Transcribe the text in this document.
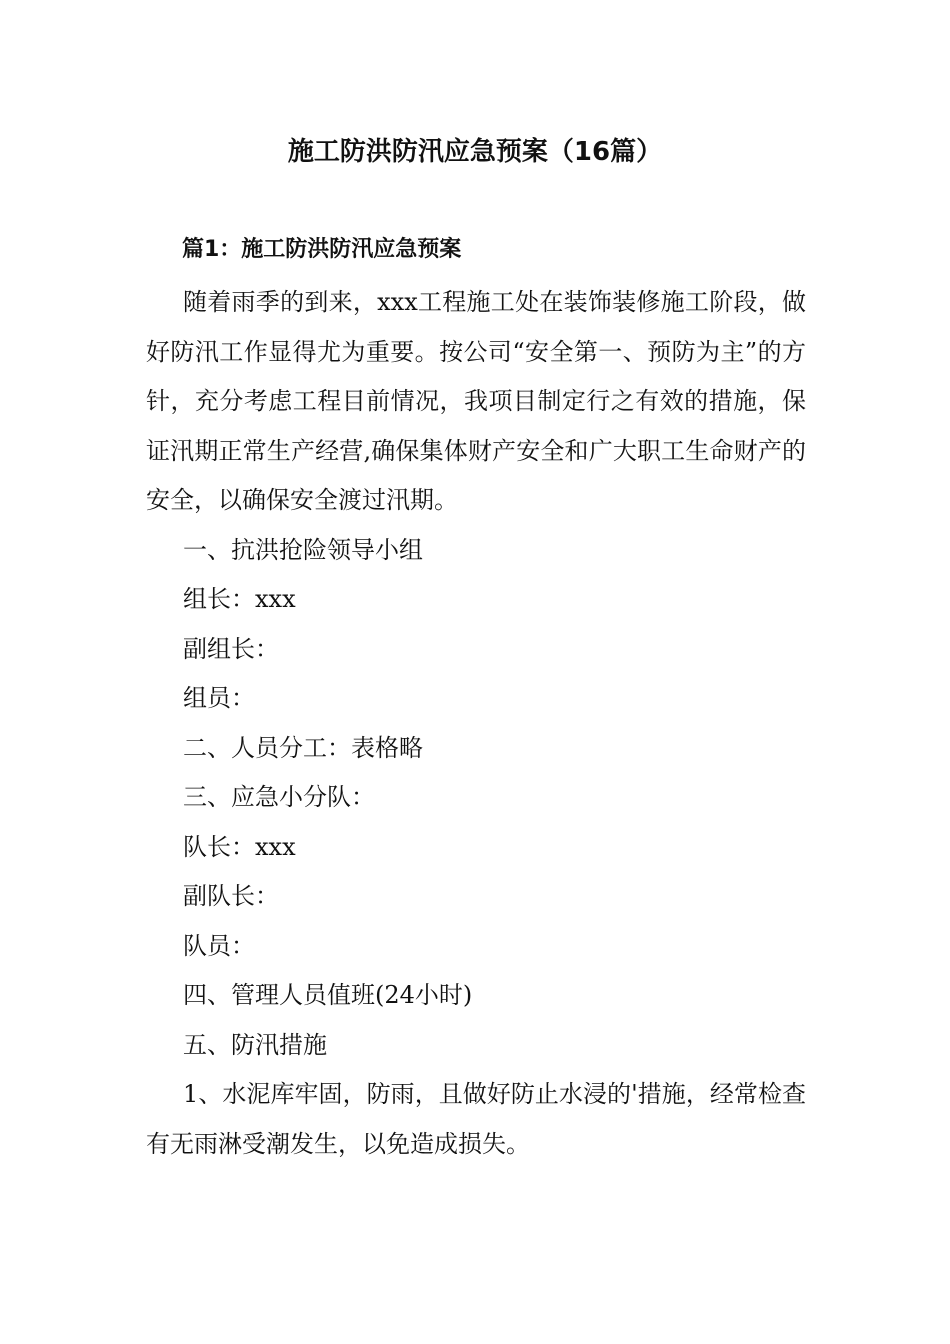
施工防洪防汛应急预案（16篇）
篇1：施工防洪防汛应急预案

随着雨季的到来，xxx工程施工处在装饰装修施工阶段，做好防汛工作显得尤为重要。按公司“安全第一、预防为主”的方针，充分考虑工程目前情况，我项目制定行之有效的措施，保证汛期正常生产经营,确保集体财产安全和广大职工生命财产的安全，以确保安全渡过汛期。

一、抗洪抢险领导小组

组长：xxx

副组长：

组员：

二、人员分工：表格略

三、应急小分队：

队长：xxx

副队长：

队员：

四、管理人员值班(24小时)

五、防汛措施

1、水泥库牢固，防雨，且做好防止水浸的'措施，经常检查有无雨淋受潮发生，以免造成损失。
